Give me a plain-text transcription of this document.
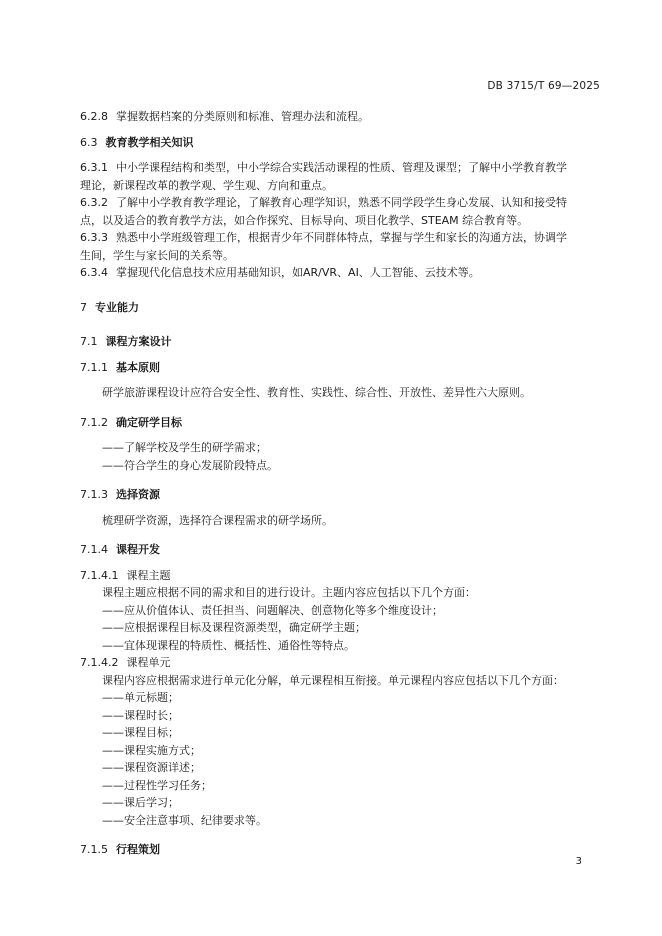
DB 3715/T 69—2025

6.2.8 掌握数据档案的分类原则和标准、管理办法和流程。

6.3 教育教学相关知识

6.3.1 中小学课程结构和类型，中小学综合实践活动课程的性质、管理及课型；了解中小学教育教学
理论，新课程改革的教学观、学生观、方向和重点。

6.3.2 了解中小学教育教学理论，了解教育心理学知识，熟悉不同学段学生身心发展、认知和接受特
点，以及适合的教育教学方法，如合作探究、目标导向、项目化教学、STEAM 综合教育等。

6.3.3 熟悉中小学班级管理工作，根据青少年不同群体特点，掌握与学生和家长的沟通方法，协调学
生间，学生与家长间的关系等。

6.3.4 掌握现代化信息技术应用基础知识，如AR/VR、AI、人工智能、云技术等。

7 专业能力

7.1 课程方案设计

7.1.1 基本原则

研学旅游课程设计应符合安全性、教育性、实践性、综合性、开放性、差异性六大原则。

7.1.2 确定研学目标

——了解学校及学生的研学需求；

——符合学生的身心发展阶段特点。

7.1.3 选择资源

梳理研学资源，选择符合课程需求的研学场所。

7.1.4 课程开发

7.1.4.1 课程主题

课程主题应根据不同的需求和目的进行设计。主题内容应包括以下几个方面：

——应从价值体认、责任担当、问题解决、创意物化等多个维度设计；

——应根据课程目标及课程资源类型，确定研学主题；

——宜体现课程的特质性、概括性、通俗性等特点。

7.1.4.2 课程单元

课程内容应根据需求进行单元化分解，单元课程相互衔接。单元课程内容应包括以下几个方面：

——单元标题；

——课程时长；

——课程目标；

——课程实施方式；

——课程资源详述；

——过程性学习任务；

——课后学习；

——安全注意事项、纪律要求等。

7.1.5 行程策划

3
